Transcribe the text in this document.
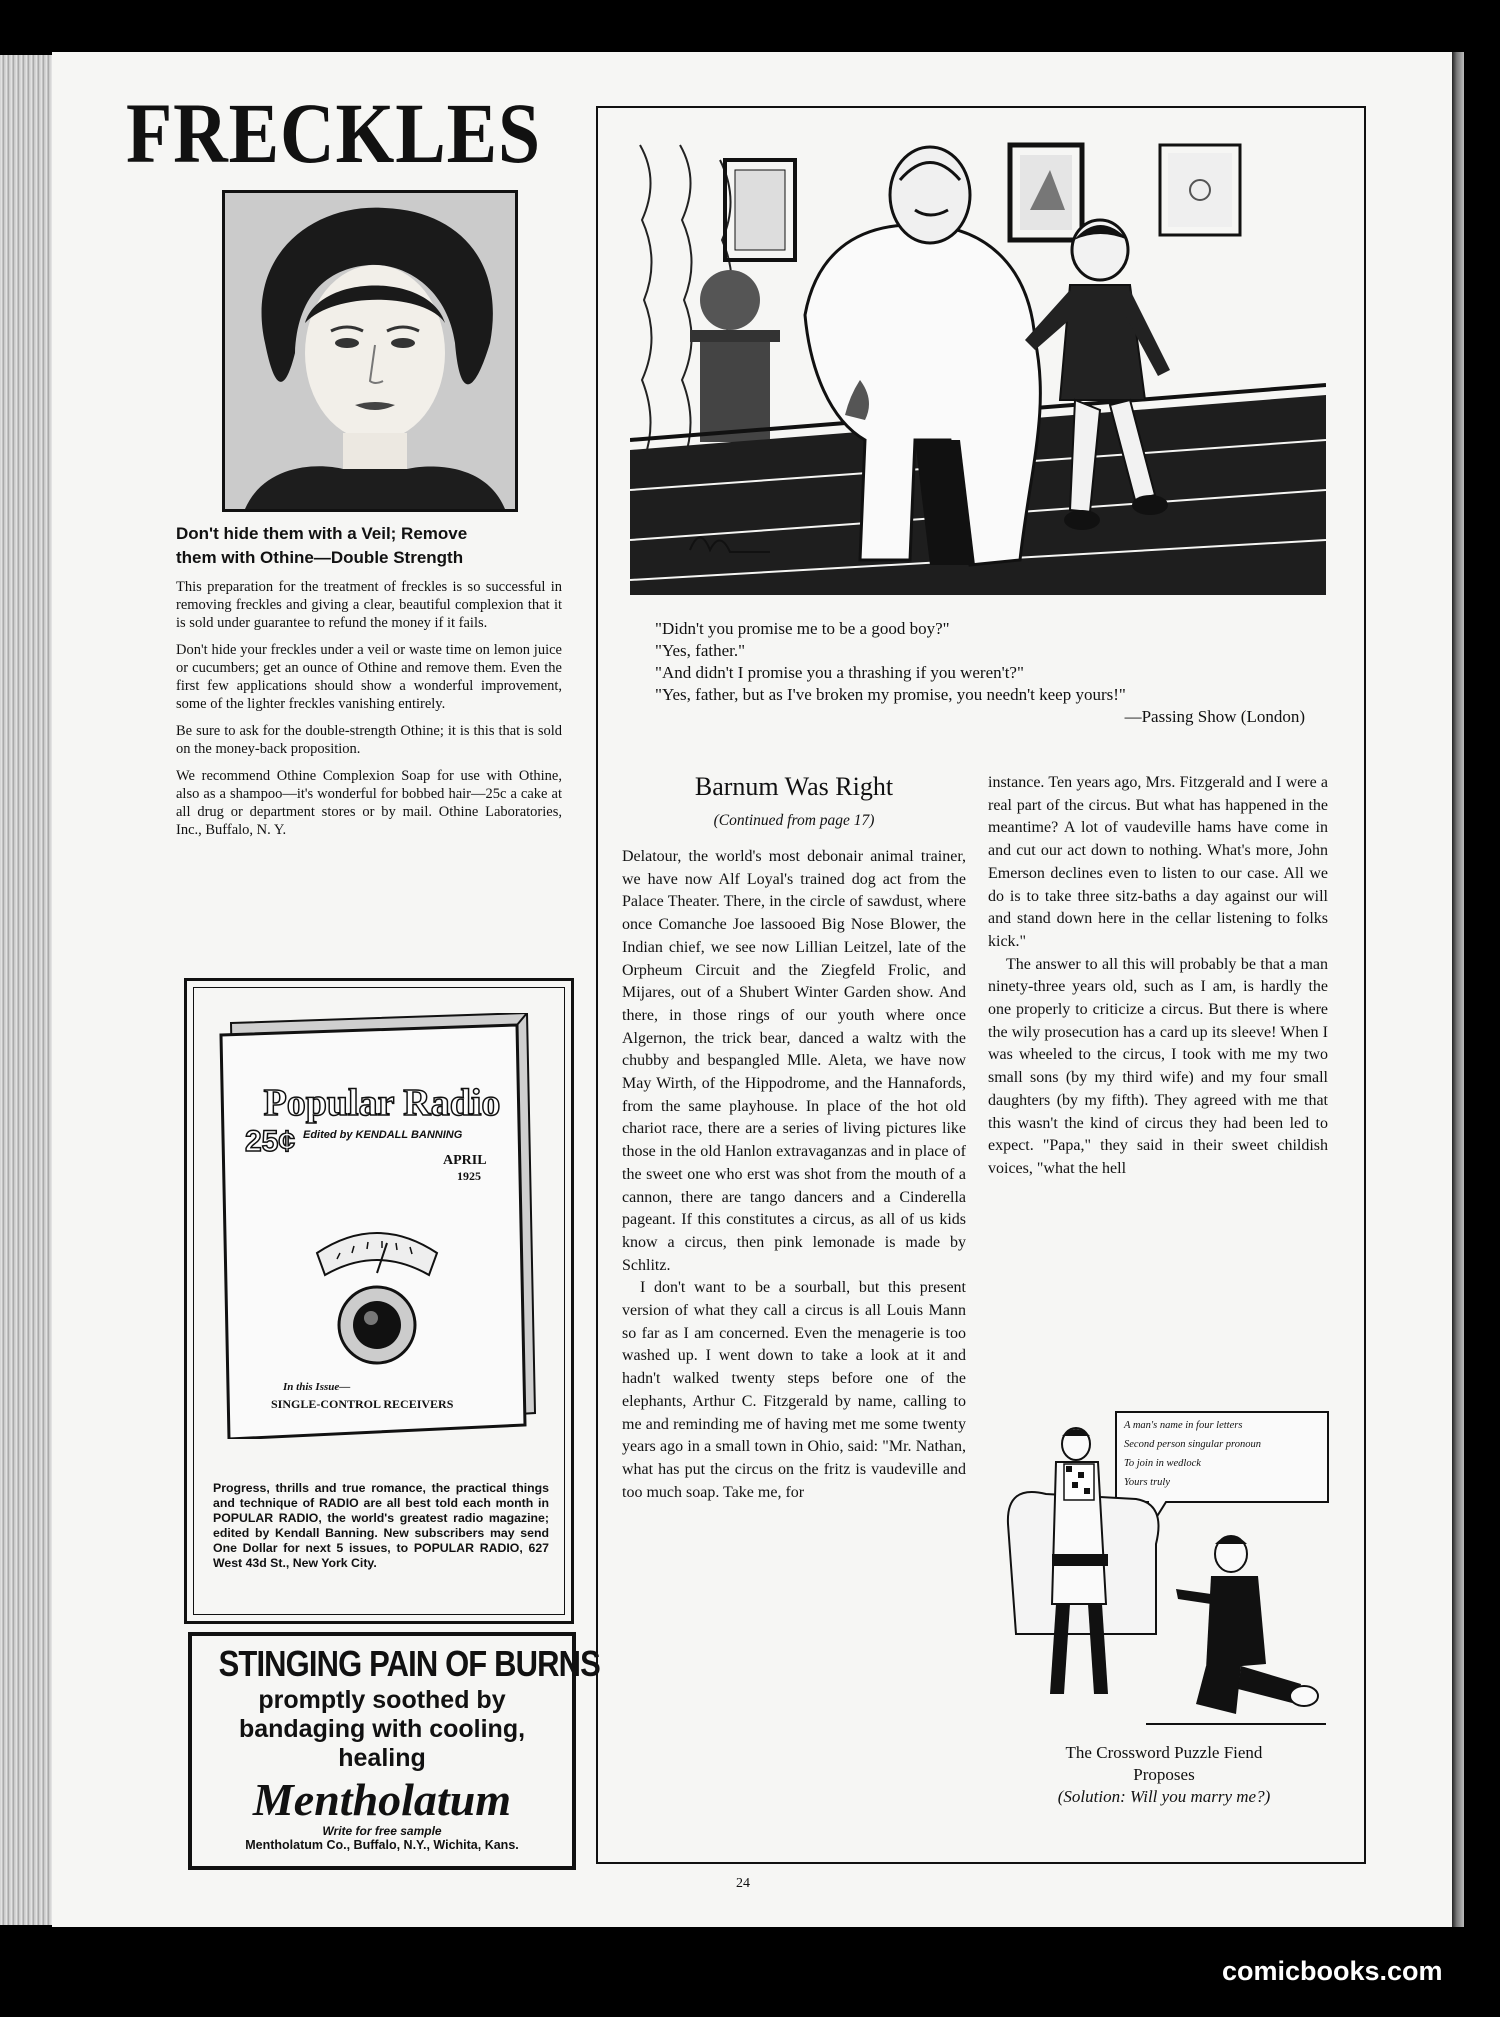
FRECKLES
Don't hide them with a Veil; Remove
them with Othine—Double Strength

This preparation for the treatment of freckles is so successful in removing freckles and giving a clear, beautiful complexion that it is sold under guarantee to refund the money if it fails.

Don't hide your freckles under a veil or waste time on lemon juice or cucumbers; get an ounce of Othine and remove them. Even the first few applications should show a wonderful improvement, some of the lighter freckles vanishing entirely.

Be sure to ask for the double-strength Othine; it is this that is sold on the money-back proposition.

We recommend Othine Complexion Soap for use with Othine, also as a shampoo—it's wonderful for bobbed hair—25c a cake at all drug or department stores or by mail. Othine Laboratories, Inc., Buffalo, N. Y.

Popular Radio
25¢ Edited by KENDALL BANNING
APRIL
1925
In this Issue—
SINGLE-CONTROL RECEIVERS
Progress, thrills and true romance, the practical things and technique of RADIO are all best told each month in POPULAR RADIO, the world's greatest radio magazine; edited by Kendall Banning. New subscribers may send One Dollar for next 5 issues, to POPULAR RADIO, 627 West 43d St., New York City.
STINGING PAIN OF BURNS
promptly soothed by
bandaging with cooling,
healing
Mentholatum
Write for free sample
Mentholatum Co., Buffalo, N.Y., Wichita, Kans.
"Didn't you promise me to be a good boy?"
"Yes, father."
"And didn't I promise you a thrashing if you weren't?"
"Yes, father, but as I've broken my promise, you needn't keep yours!"
—Passing Show (London)
Barnum Was Right
(Continued from page 17)

Delatour, the world's most debonair animal trainer, we have now Alf Loyal's trained dog act from the Palace Theater. There, in the circle of sawdust, where once Comanche Joe lassooed Big Nose Blower, the Indian chief, we see now Lillian Leitzel, late of the Orpheum Circuit and the Ziegfeld Frolic, and Mijares, out of a Shubert Winter Garden show. And there, in those rings of our youth where once Algernon, the trick bear, danced a waltz with the chubby and bespangled Mlle. Aleta, we have now May Wirth, of the Hippodrome, and the Hannafords, from the same playhouse. In place of the hot old chariot race, there are a series of living pictures like those in the old Hanlon extravaganzas and in place of the sweet one who erst was shot from the mouth of a cannon, there are tango dancers and a Cinderella pageant. If this constitutes a circus, as all of us kids know a circus, then pink lemonade is made by Schlitz.

I don't want to be a sourball, but this present version of what they call a circus is all Louis Mann so far as I am concerned. Even the menagerie is too washed up. I went down to take a look at it and hadn't walked twenty steps before one of the elephants, Arthur C. Fitzgerald by name, calling to me and reminding me of having met me some twenty years ago in a small town in Ohio, said: "Mr. Nathan, what has put the circus on the fritz is vaudeville and too much soap. Take me, for

instance. Ten years ago, Mrs. Fitzgerald and I were a real part of the circus. But what has happened in the meantime? A lot of vaudeville hams have come in and cut our act down to nothing. What's more, John Emerson declines even to listen to our case. All we do is to take three sitz-baths a day against our will and stand down here in the cellar listening to folks kick."

The answer to all this will probably be that a man ninety-three years old, such as I am, is hardly the one properly to criticize a circus. But there is where the wily prosecution has a card up its sleeve! When I was wheeled to the circus, I took with me my two small sons (by my third wife) and my four small daughters (by my fifth). They agreed with me that this wasn't the kind of circus they had been led to expect. "Papa," they said in their sweet childish voices, "what the hell

A man's name in four letters
Second person singular pronoun
To join in wedlock
Yours truly
The Crossword Puzzle Fiend
Proposes
(Solution: Will you marry me?)
24
comicbooks.com
